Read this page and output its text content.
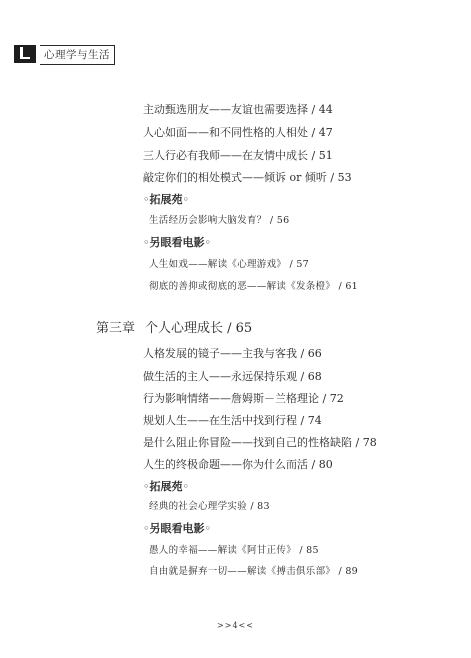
心理学与生活
主动甄选朋友——友谊也需要选择 / 44
人心如面——和不同性格的人相处 / 47
三人行必有我师——在友情中成长 / 51
敲定你们的相处模式——倾诉 or 倾听 / 53
◦拓展苑◦
生活经历会影响大脑发育？ / 56
◦另眼看电影◦
人生如戏——解读《心理游戏》 / 57
彻底的善抑或彻底的恶——解读《发条橙》 / 61
第三章 个人心理成长 / 65
人格发展的镜子——主我与客我 / 66
做生活的主人——永远保持乐观 / 68
行为影响情绪——詹姆斯－兰格理论 / 72
规划人生——在生活中找到行程 / 74
是什么阻止你冒险——找到自己的性格缺陷 / 78
人生的终极命题——你为什么而活 / 80
◦拓展苑◦
经典的社会心理学实验 / 83
◦另眼看电影◦
愚人的幸福——解读《阿甘正传》 / 85
自由就是摒弃一切——解读《搏击俱乐部》 / 89
>>4<<
